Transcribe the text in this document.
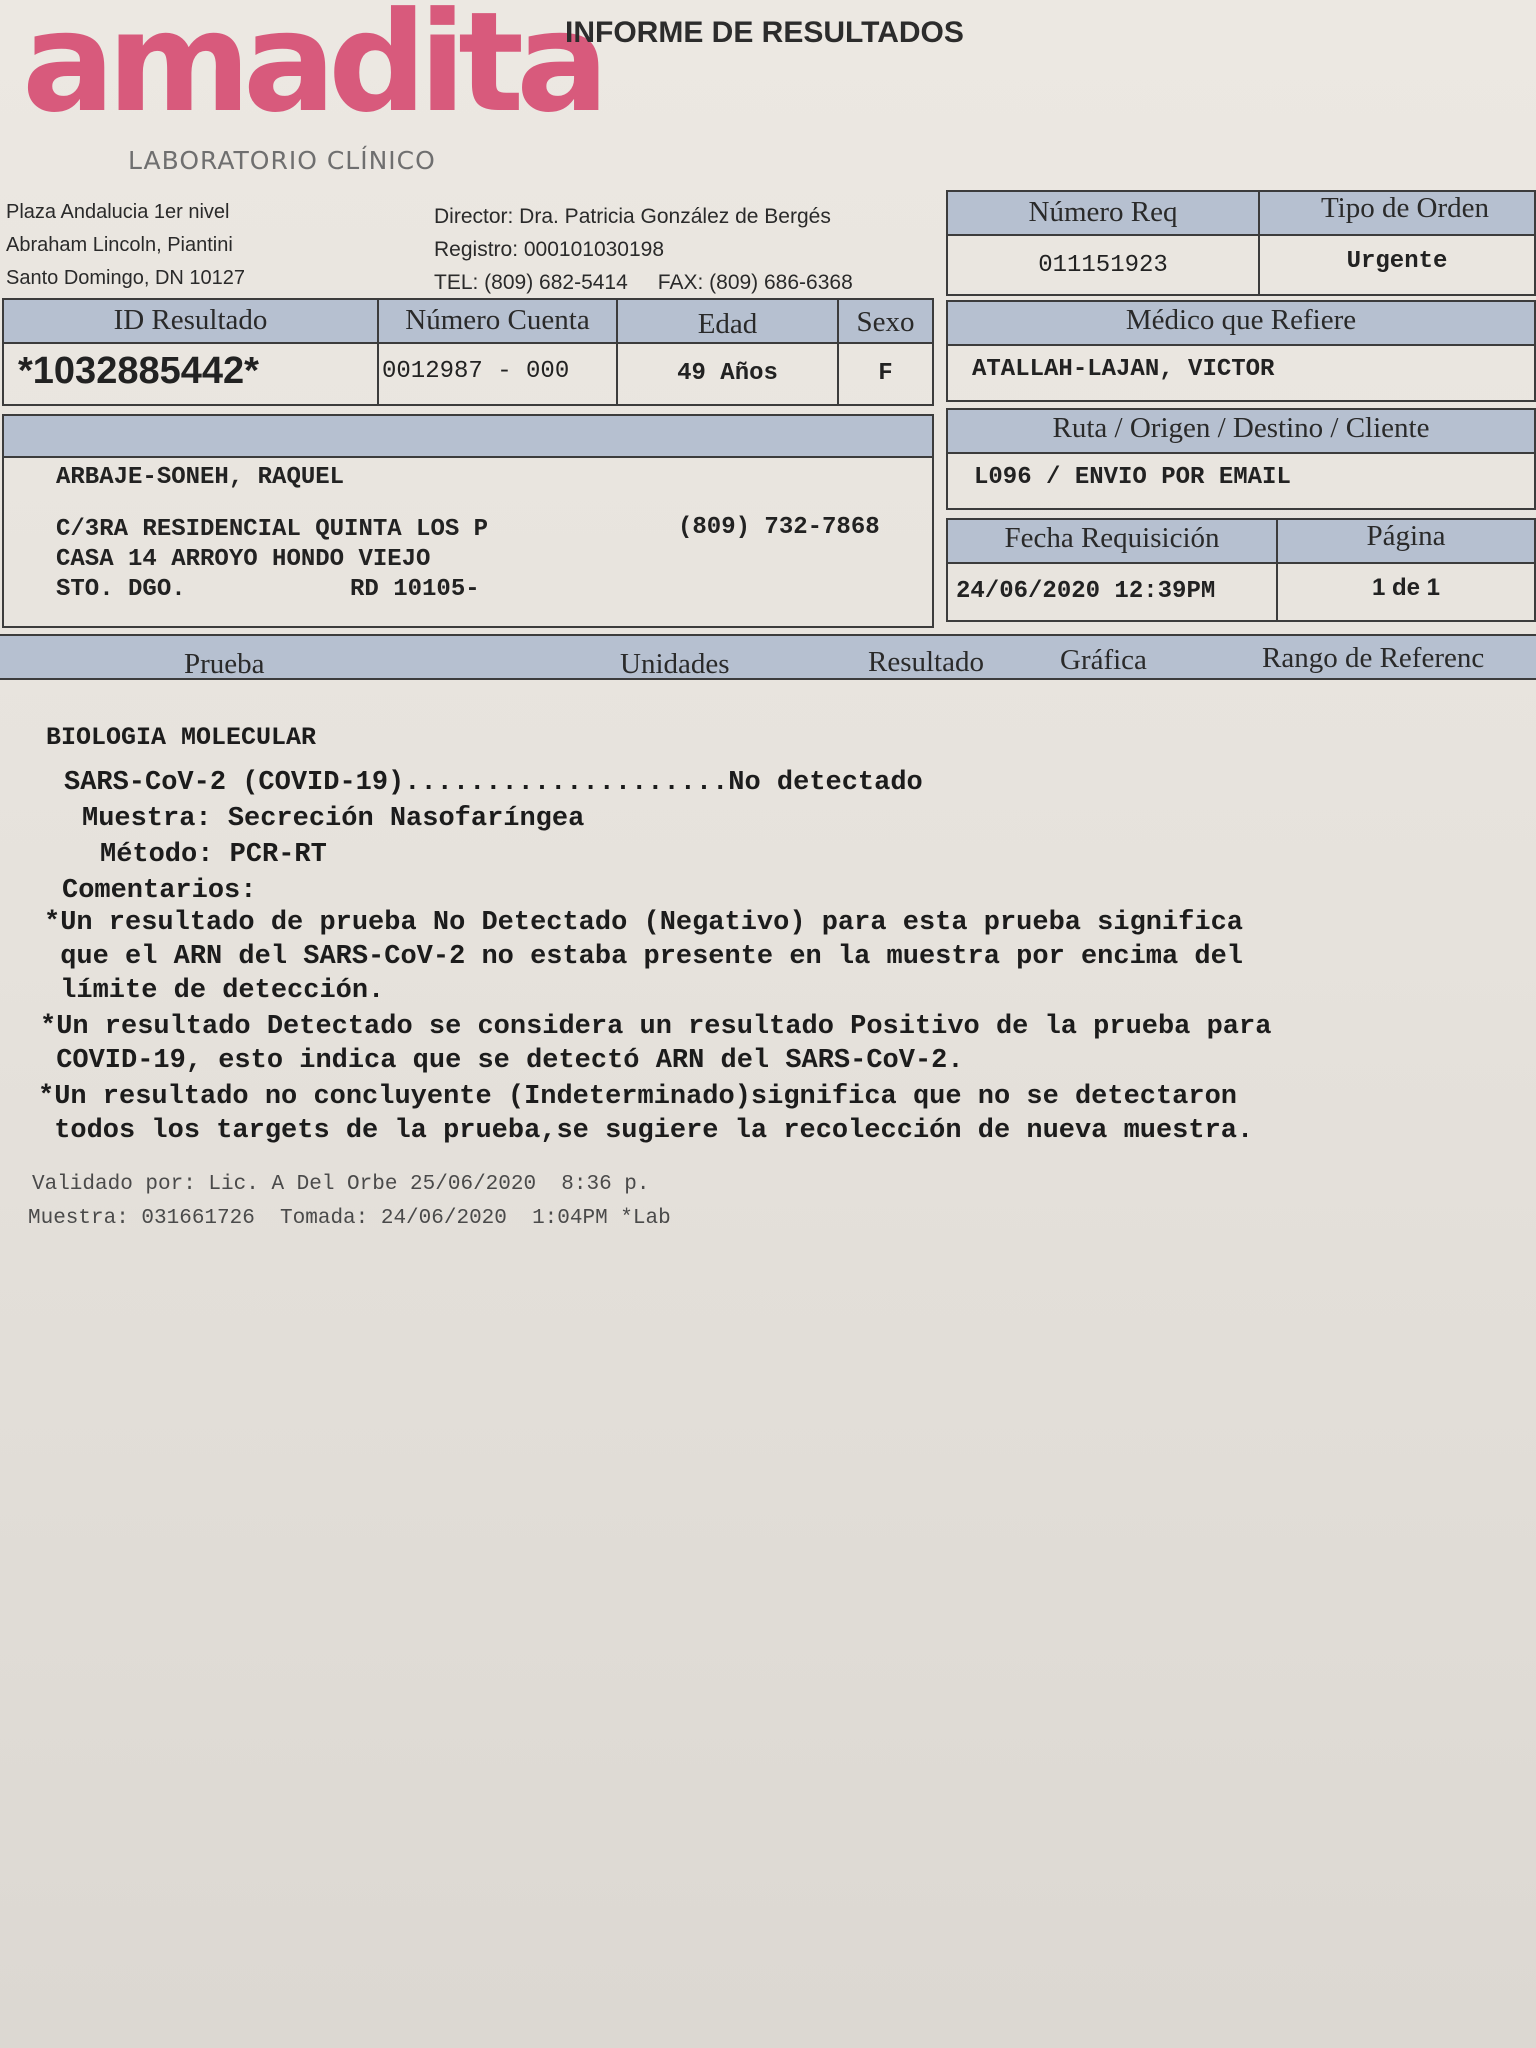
amadita
LABORATORIO CLÍNICO
INFORME DE RESULTADOS
Plaza Andalucia 1er nivel
Abraham Lincoln, Piantini
Santo Domingo, DN 10127
Director: Dra. Patricia González de Bergés
Registro: 000101030198
TEL: (809) 682-5414 FAX: (809) 686-6368
ID Resultado	Número Cuenta	Edad	Sexo
*1032885442*	0012987 - 000	49 Años	F
ARBAJE-SONEH, RAQUEL
C/3RA RESIDENCIAL QUINTA LOS P	(809) 732-7868
CASA 14 ARROYO HONDO VIEJO
STO. DGO.	RD 10105-
Número Req	Tipo de Orden
011151923	Urgente
Médico que Refiere
ATALLAH-LAJAN, VICTOR
Ruta / Origen / Destino / Cliente
L096 / ENVIO POR EMAIL
Fecha Requisición	Página
24/06/2020 12:39PM	1 de 1
Prueba	Unidades	Resultado	Gráfica	Rango de Referenc
BIOLOGIA MOLECULAR
SARS-CoV-2 (COVID-19)....................No detectado
Muestra: Secreción Nasofaríngea
Método: PCR-RT
Comentarios:
*Un resultado de prueba No Detectado (Negativo) para esta prueba significa
que el ARN del SARS-CoV-2 no estaba presente en la muestra por encima del
límite de detección.
*Un resultado Detectado se considera un resultado Positivo de la prueba para
COVID-19, esto indica que se detectó ARN del SARS-CoV-2.
*Un resultado no concluyente (Indeterminado)significa que no se detectaron
todos los targets de la prueba,se sugiere la recolección de nueva muestra.
Validado por: Lic. A Del Orbe 25/06/2020  8:36 p.
Muestra: 031661726  Tomada: 24/06/2020  1:04PM *Lab
